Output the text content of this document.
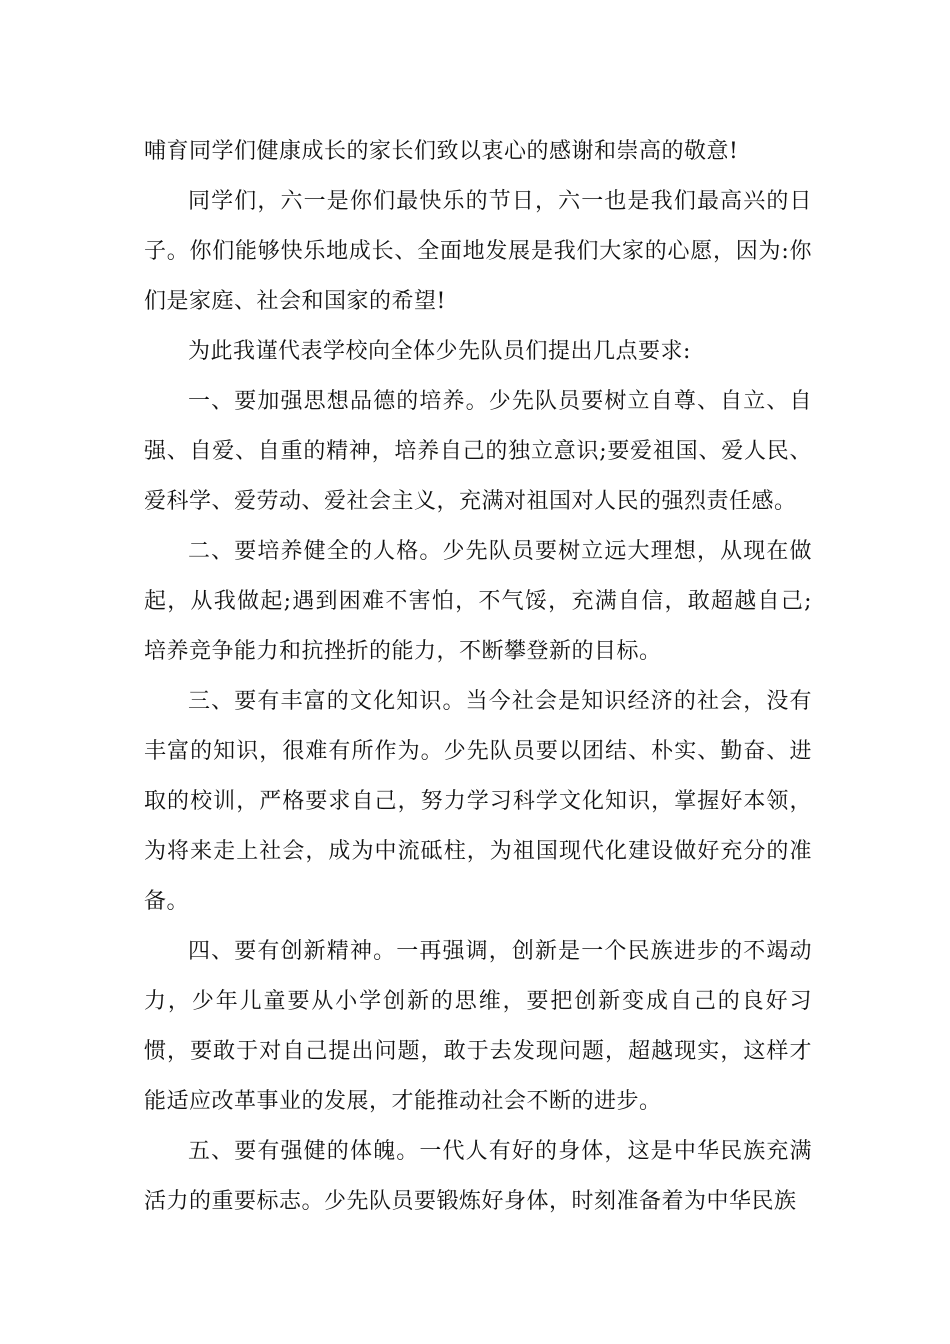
哺育同学们健康成长的家长们致以衷心的感谢和崇高的敬意!

同学们，六一是你们最快乐的节日，六一也是我们最高兴的日子。你们能够快乐地成长、全面地发展是我们大家的心愿，因为:你们是家庭、社会和国家的希望!

为此我谨代表学校向全体少先队员们提出几点要求:

一、要加强思想品德的培养。少先队员要树立自尊、自立、自强、自爱、自重的精神，培养自己的独立意识;要爱祖国、爱人民、爱科学、爱劳动、爱社会主义，充满对祖国对人民的强烈责任感。

二、要培养健全的人格。少先队员要树立远大理想，从现在做起，从我做起;遇到困难不害怕，不气馁，充满自信，敢超越自己;培养竞争能力和抗挫折的能力，不断攀登新的目标。

三、要有丰富的文化知识。当今社会是知识经济的社会，没有丰富的知识，很难有所作为。少先队员要以团结、朴实、勤奋、进取的校训，严格要求自己，努力学习科学文化知识，掌握好本领，为将来走上社会，成为中流砥柱，为祖国现代化建设做好充分的准备。

四、要有创新精神。一再强调，创新是一个民族进步的不竭动力，少年儿童要从小学创新的思维，要把创新变成自己的良好习惯，要敢于对自己提出问题，敢于去发现问题，超越现实，这样才能适应改革事业的发展，才能推动社会不断的进步。

五、要有强健的体魄。一代人有好的身体，这是中华民族充满活力的重要标志。少先队员要锻炼好身体，时刻准备着为中华民族
